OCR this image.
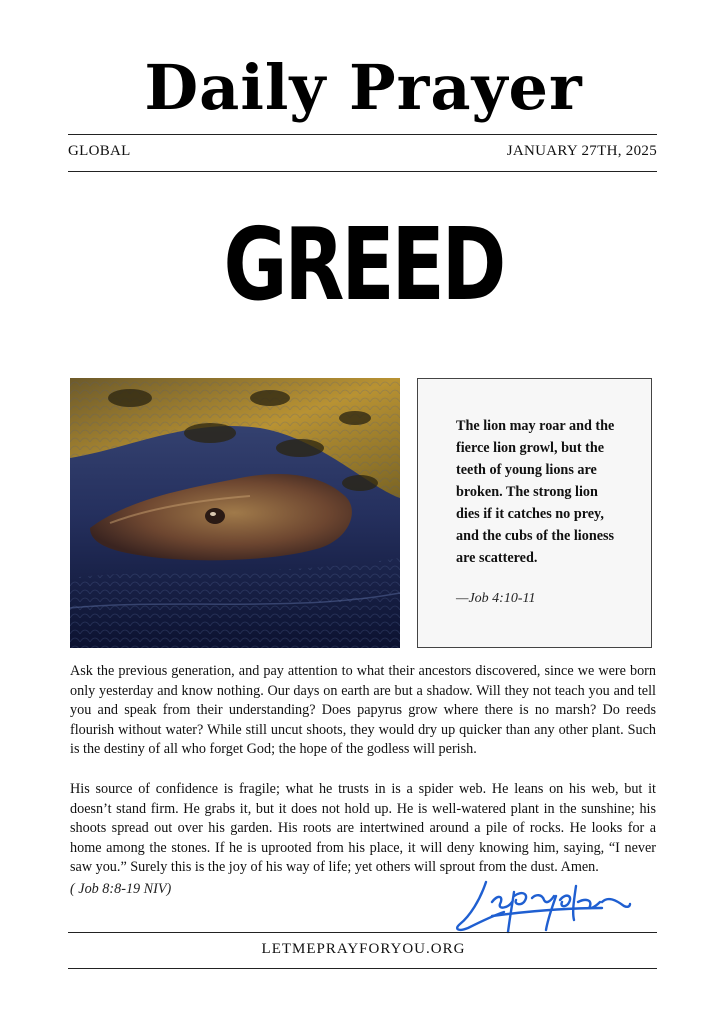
Daily Prayer
GLOBAL	JANUARY 27TH, 2025
GREED

The lion may roar and the fierce lion growl, but the teeth of young lions are broken. The strong lion dies if it catches no prey, and the cubs of the lioness are scattered.

—Job 4:10-11

Ask the previous generation, and pay attention to what their ancestors discovered, since we were born only yesterday and know nothing. Our days on earth are but a shadow. Will they not teach you and tell you and speak from their understanding? Does papyrus grow where there is no marsh? Do reeds flourish without water? While still uncut shoots, they would dry up quicker than any other plant. Such is the destiny of all who forget God; the hope of the godless will perish.

His source of confidence is fragile; what he trusts in is a spider web. He leans on his web, but it doesn’t stand firm. He grabs it, but it does not hold up. He is well-watered plant in the sunshine; his shoots spread out over his garden. His roots are intertwined around a pile of rocks. He looks for a home among the stones. If he is uprooted from his place, it will deny knowing him, saying, “I never saw you.” Surely this is the joy of his way of life; yet others will sprout from the dust. Amen.

( Job 8:8-19 NIV)
LETMEPRAYFORYOU.ORG
